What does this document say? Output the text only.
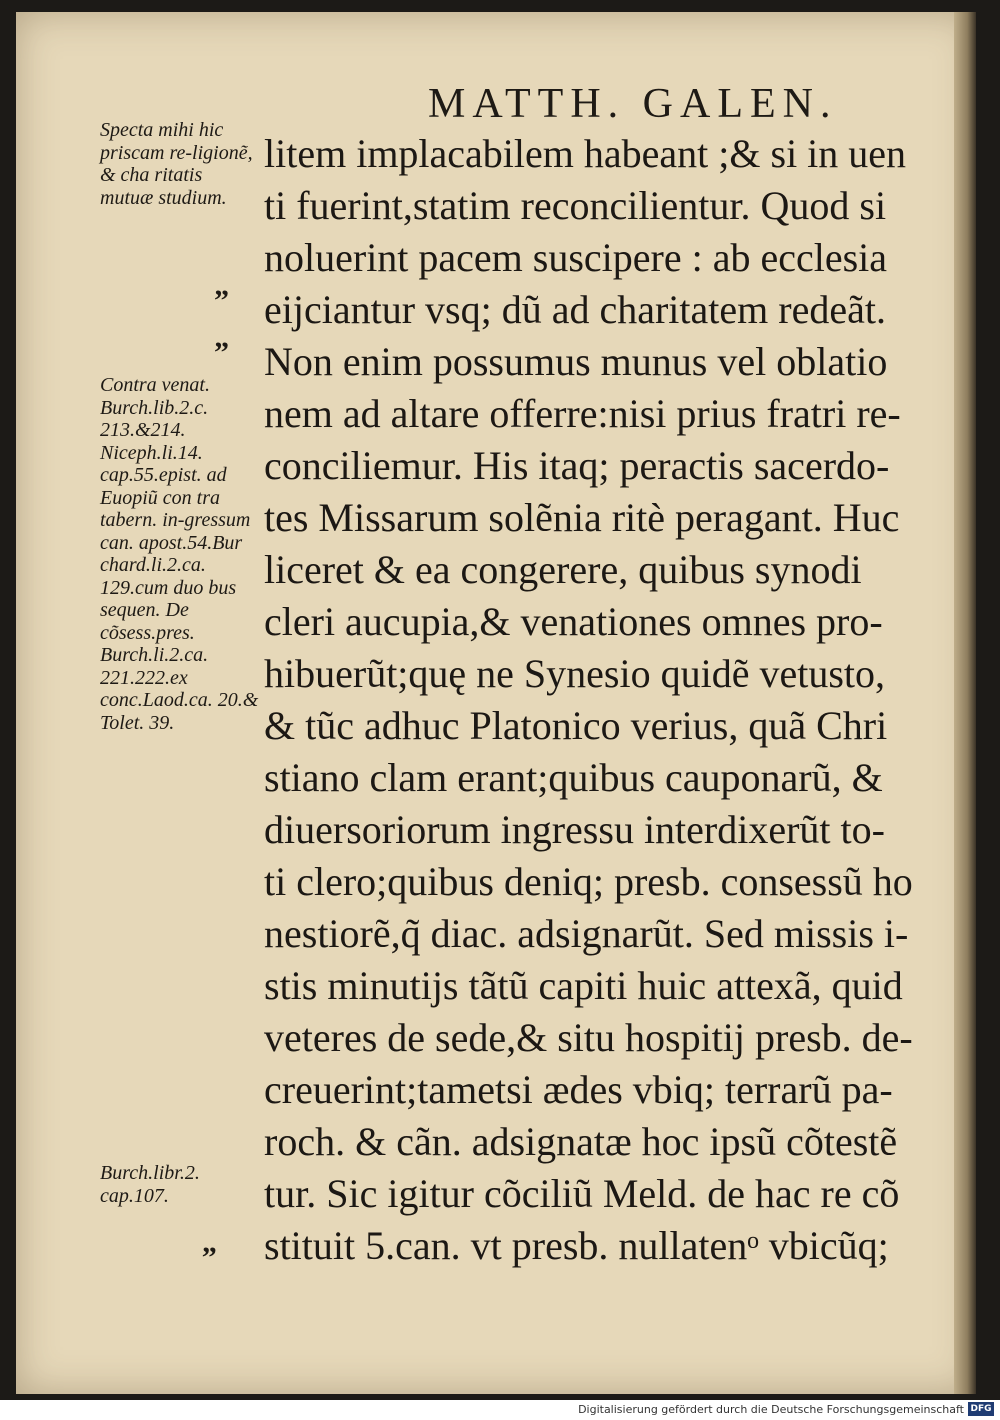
MATTH. GALEN.
Specta mihi hic priscam re-ligionẽ, & cha ritatis mutuæ studium.
Contra venat. Burch.lib.2.c. 213.&214. Niceph.li.14. cap.55.epist. ad Euopiũ con tra tabern. in-gressum can. apost.54.Bur chard.li.2.ca. 129.cum duo bus sequen. De cõsess.pres. Burch.li.2.ca. 221.222.ex conc.Laod.ca. 20.& Tolet. 39.
Burch.libr.2. cap.107.
”
”
„
litem implacabilem habeant ;& si in uen
ti fuerint,statim reconcilientur. Quod si
noluerint pacem suscipere : ab ecclesia
eijciantur vsq; dũ ad charitatem redeãt.
Non enim possumus munus vel oblatio
nem ad altare offerre:nisi prius fratri re-
conciliemur. His itaq; peractis sacerdo-
tes Missarum solẽnia ritè peragant. Huc
liceret & ea congerere, quibus synodi
cleri aucupia,& venationes omnes pro-
hibuerũt;quę ne Synesio quidẽ vetusto,
& tũc adhuc Platonico verius, quã Chri
stiano clam erant;quibus cauponarũ, &
diuersoriorum ingressu interdixerũt to-
ti clero;quibus deniq; presb. consessũ ho
nestiorẽ,q̃ diac. adsignarũt. Sed missis i-
stis minutijs tãtũ capiti huic attexã, quid
veteres de sede,& situ hospitij presb. de-
creuerint;tametsi ædes vbiq; terrarũ pa-
roch. & cãn. adsignatæ hoc ipsũ cõtestẽ
tur. Sic igitur cõciliũ Meld. de hac re cõ
stituit 5.can. vt presb. nullatenᵒ vbicũq;
Digitalisierung gefördert durch die Deutsche Forschungsgemeinschaft DFG
